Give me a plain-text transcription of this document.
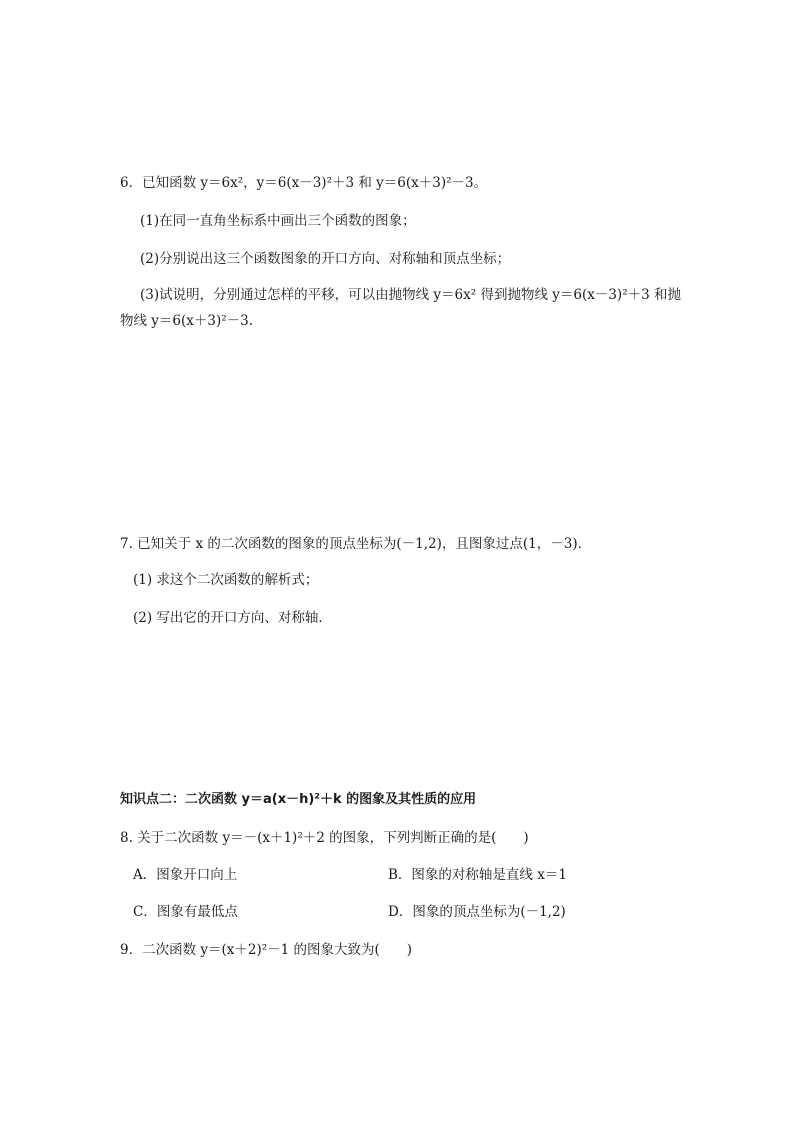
6．已知函数 y＝6x²，y＝6(x－3)²＋3 和 y＝6(x＋3)²－3。
(1)在同一直角坐标系中画出三个函数的图象；
(2)分别说出这三个函数图象的开口方向、对称轴和顶点坐标；
(3)试说明，分别通过怎样的平移，可以由抛物线 y＝6x² 得到抛物线 y＝6(x－3)²＋3 和抛
物线 y＝6(x＋3)²－3.
7. 已知关于 x 的二次函数的图象的顶点坐标为(－1,2)，且图象过点(1，－3)．
(1) 求这个二次函数的解析式；
(2) 写出它的开口方向、对称轴．
知识点二：二次函数 y＝a(x－h)²＋k 的图象及其性质的应用
8. 关于二次函数 y＝－(x＋1)²＋2 的图象，下列判断正确的是(　　)
A．图象开口向上	B．图象的对称轴是直线 x＝1
C．图象有最低点	D．图象的顶点坐标为(－1,2)
9．二次函数 y＝(x＋2)²－1 的图象大致为(　　)
